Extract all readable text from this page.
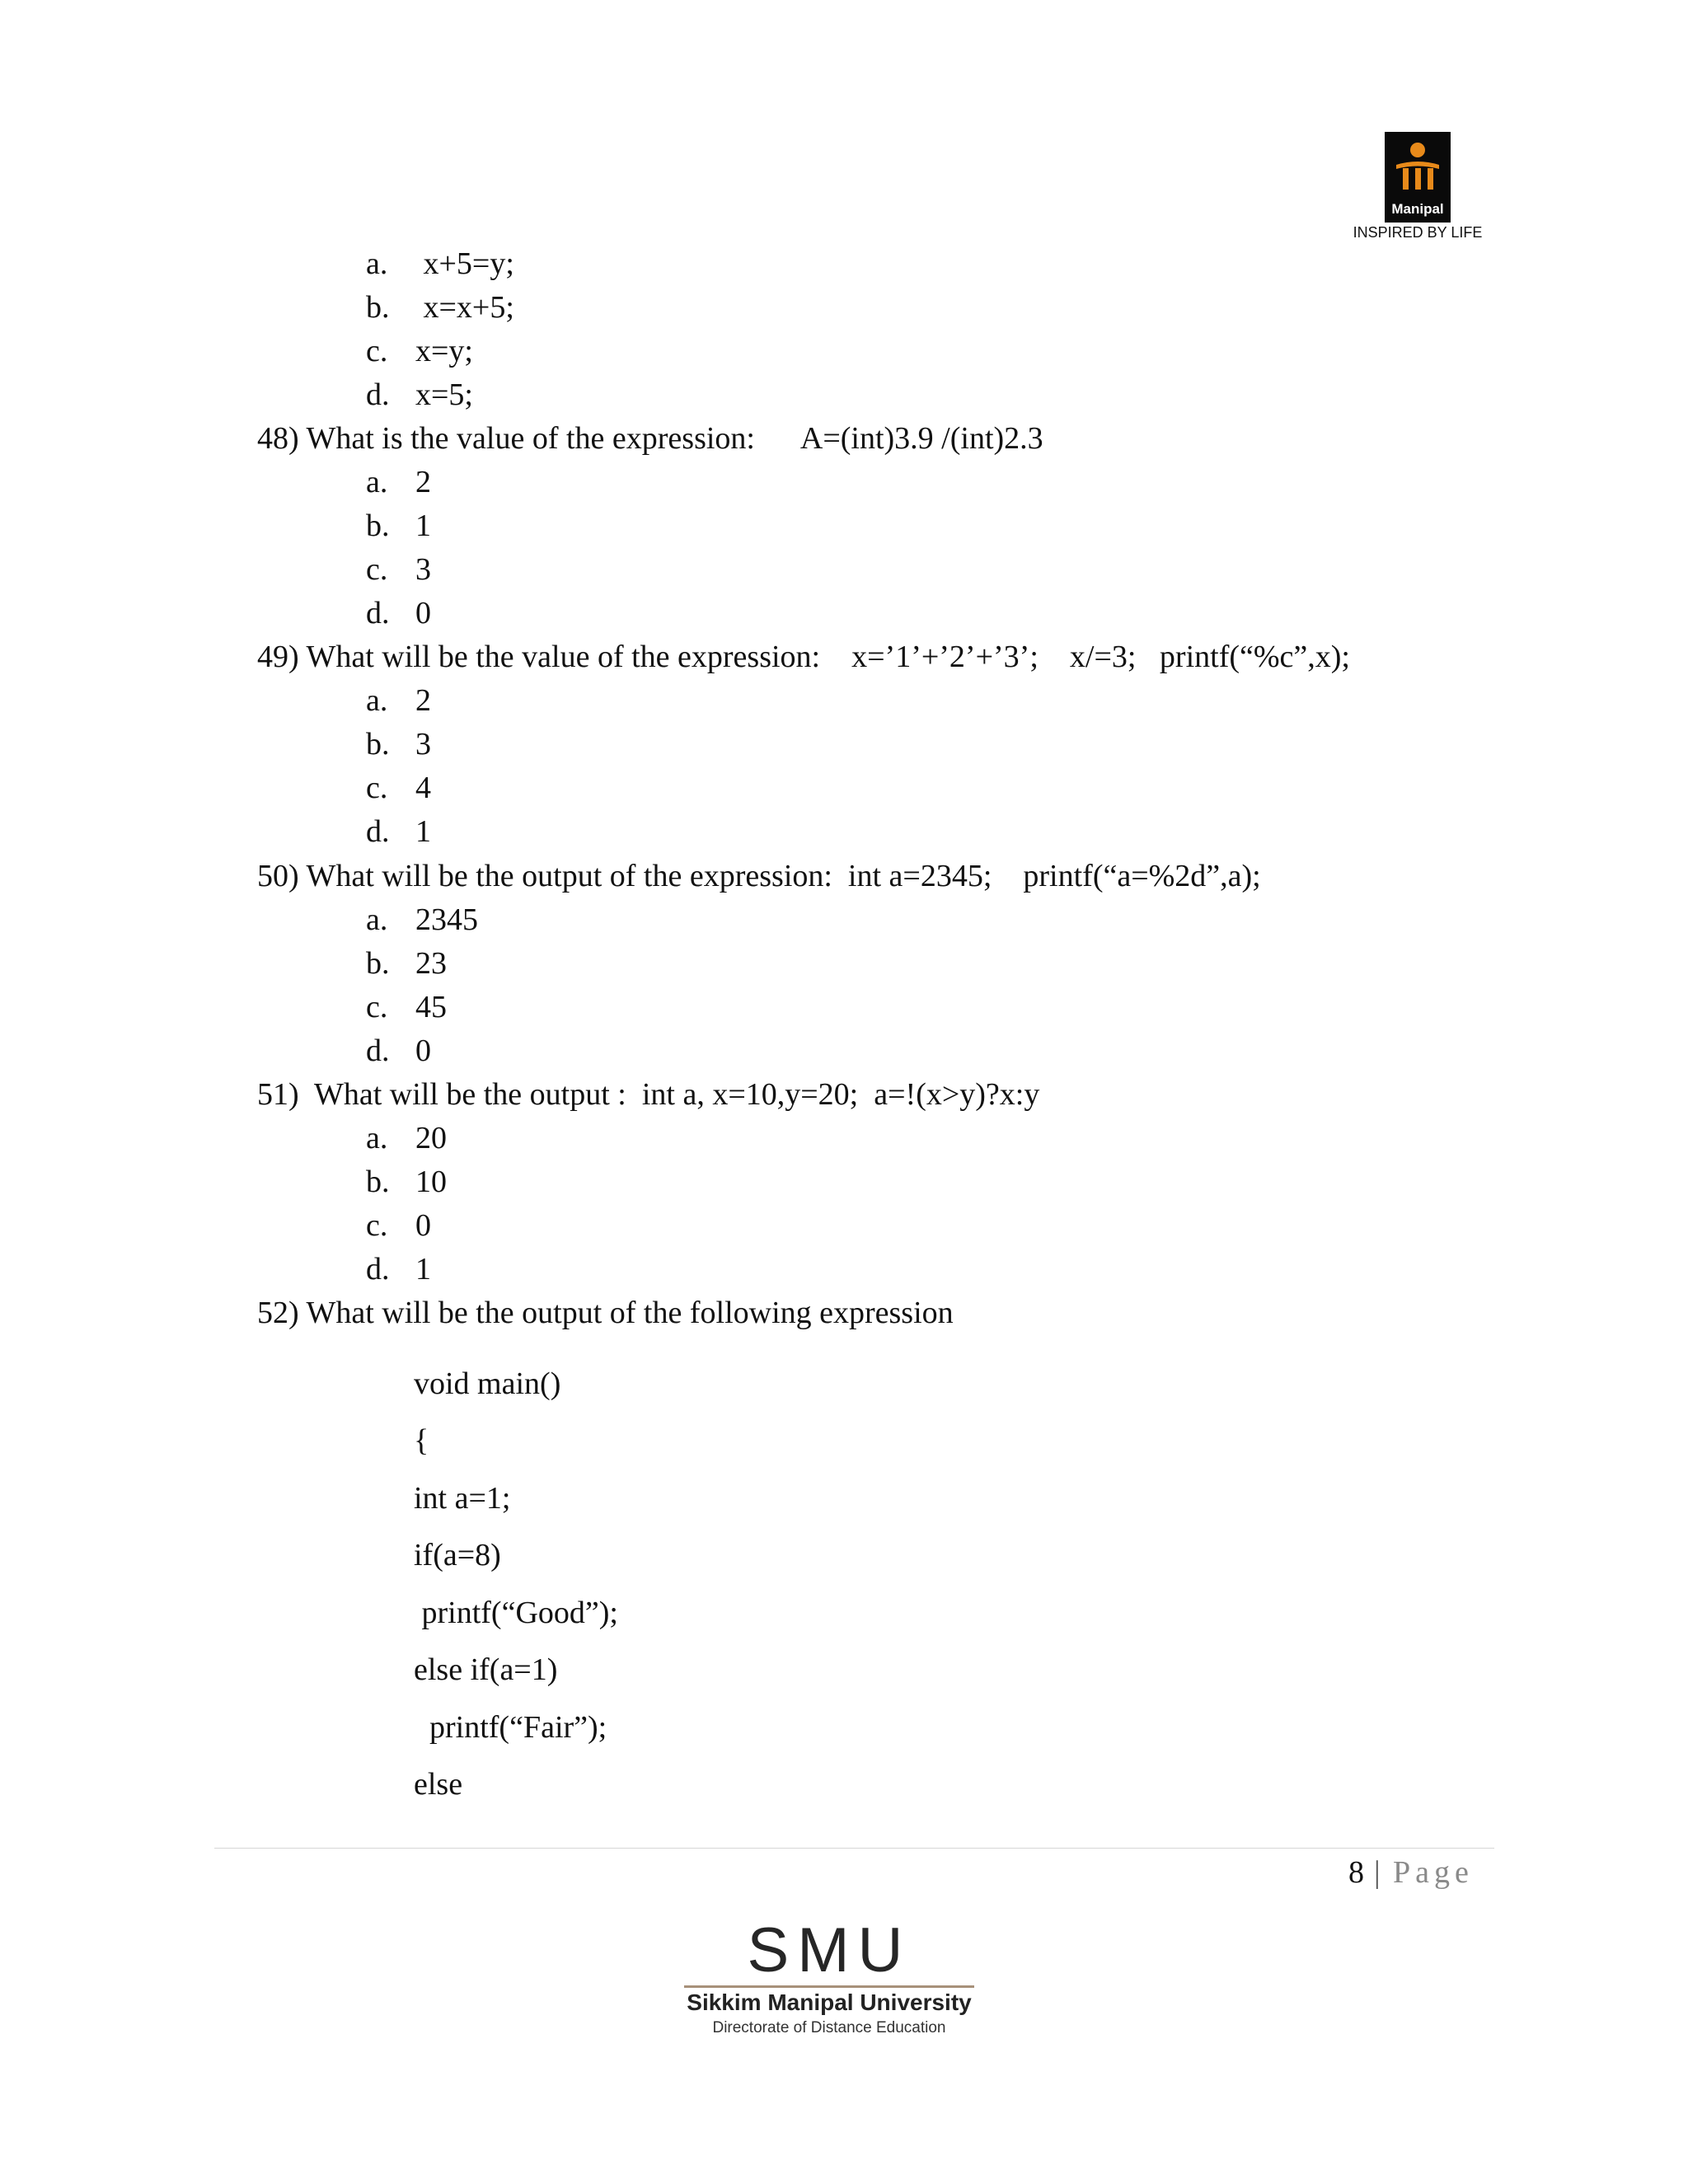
Manipal
INSPIRED BY LIFE
a. x+5=y;
b. x=x+5;
c. x=y;
d. x=5;
48) What is the value of the expression:      A=(int)3.9 /(int)2.3
a. 2
b. 1
c. 3
d. 0
49) What will be the value of the expression:    x=’1’+’2’+’3’;    x/=3;   printf(“%c”,x);
a. 2
b. 3
c. 4
d. 1
50) What will be the output of the expression:  int a=2345;    printf(“a=%2d”,a);
a. 2345
b. 23
c. 45
d. 0
51)  What will be the output :  int a, x=10,y=20;  a=!(x>y)?x:y
a. 20
b. 10
c. 0
d. 1
52) What will be the output of the following expression
void main()
{
int a=1;
if(a=8)
printf(“Good”);
else if(a=1)
printf(“Fair”);
else
8 | Page
SMU
Sikkim Manipal University
Directorate of Distance Education
